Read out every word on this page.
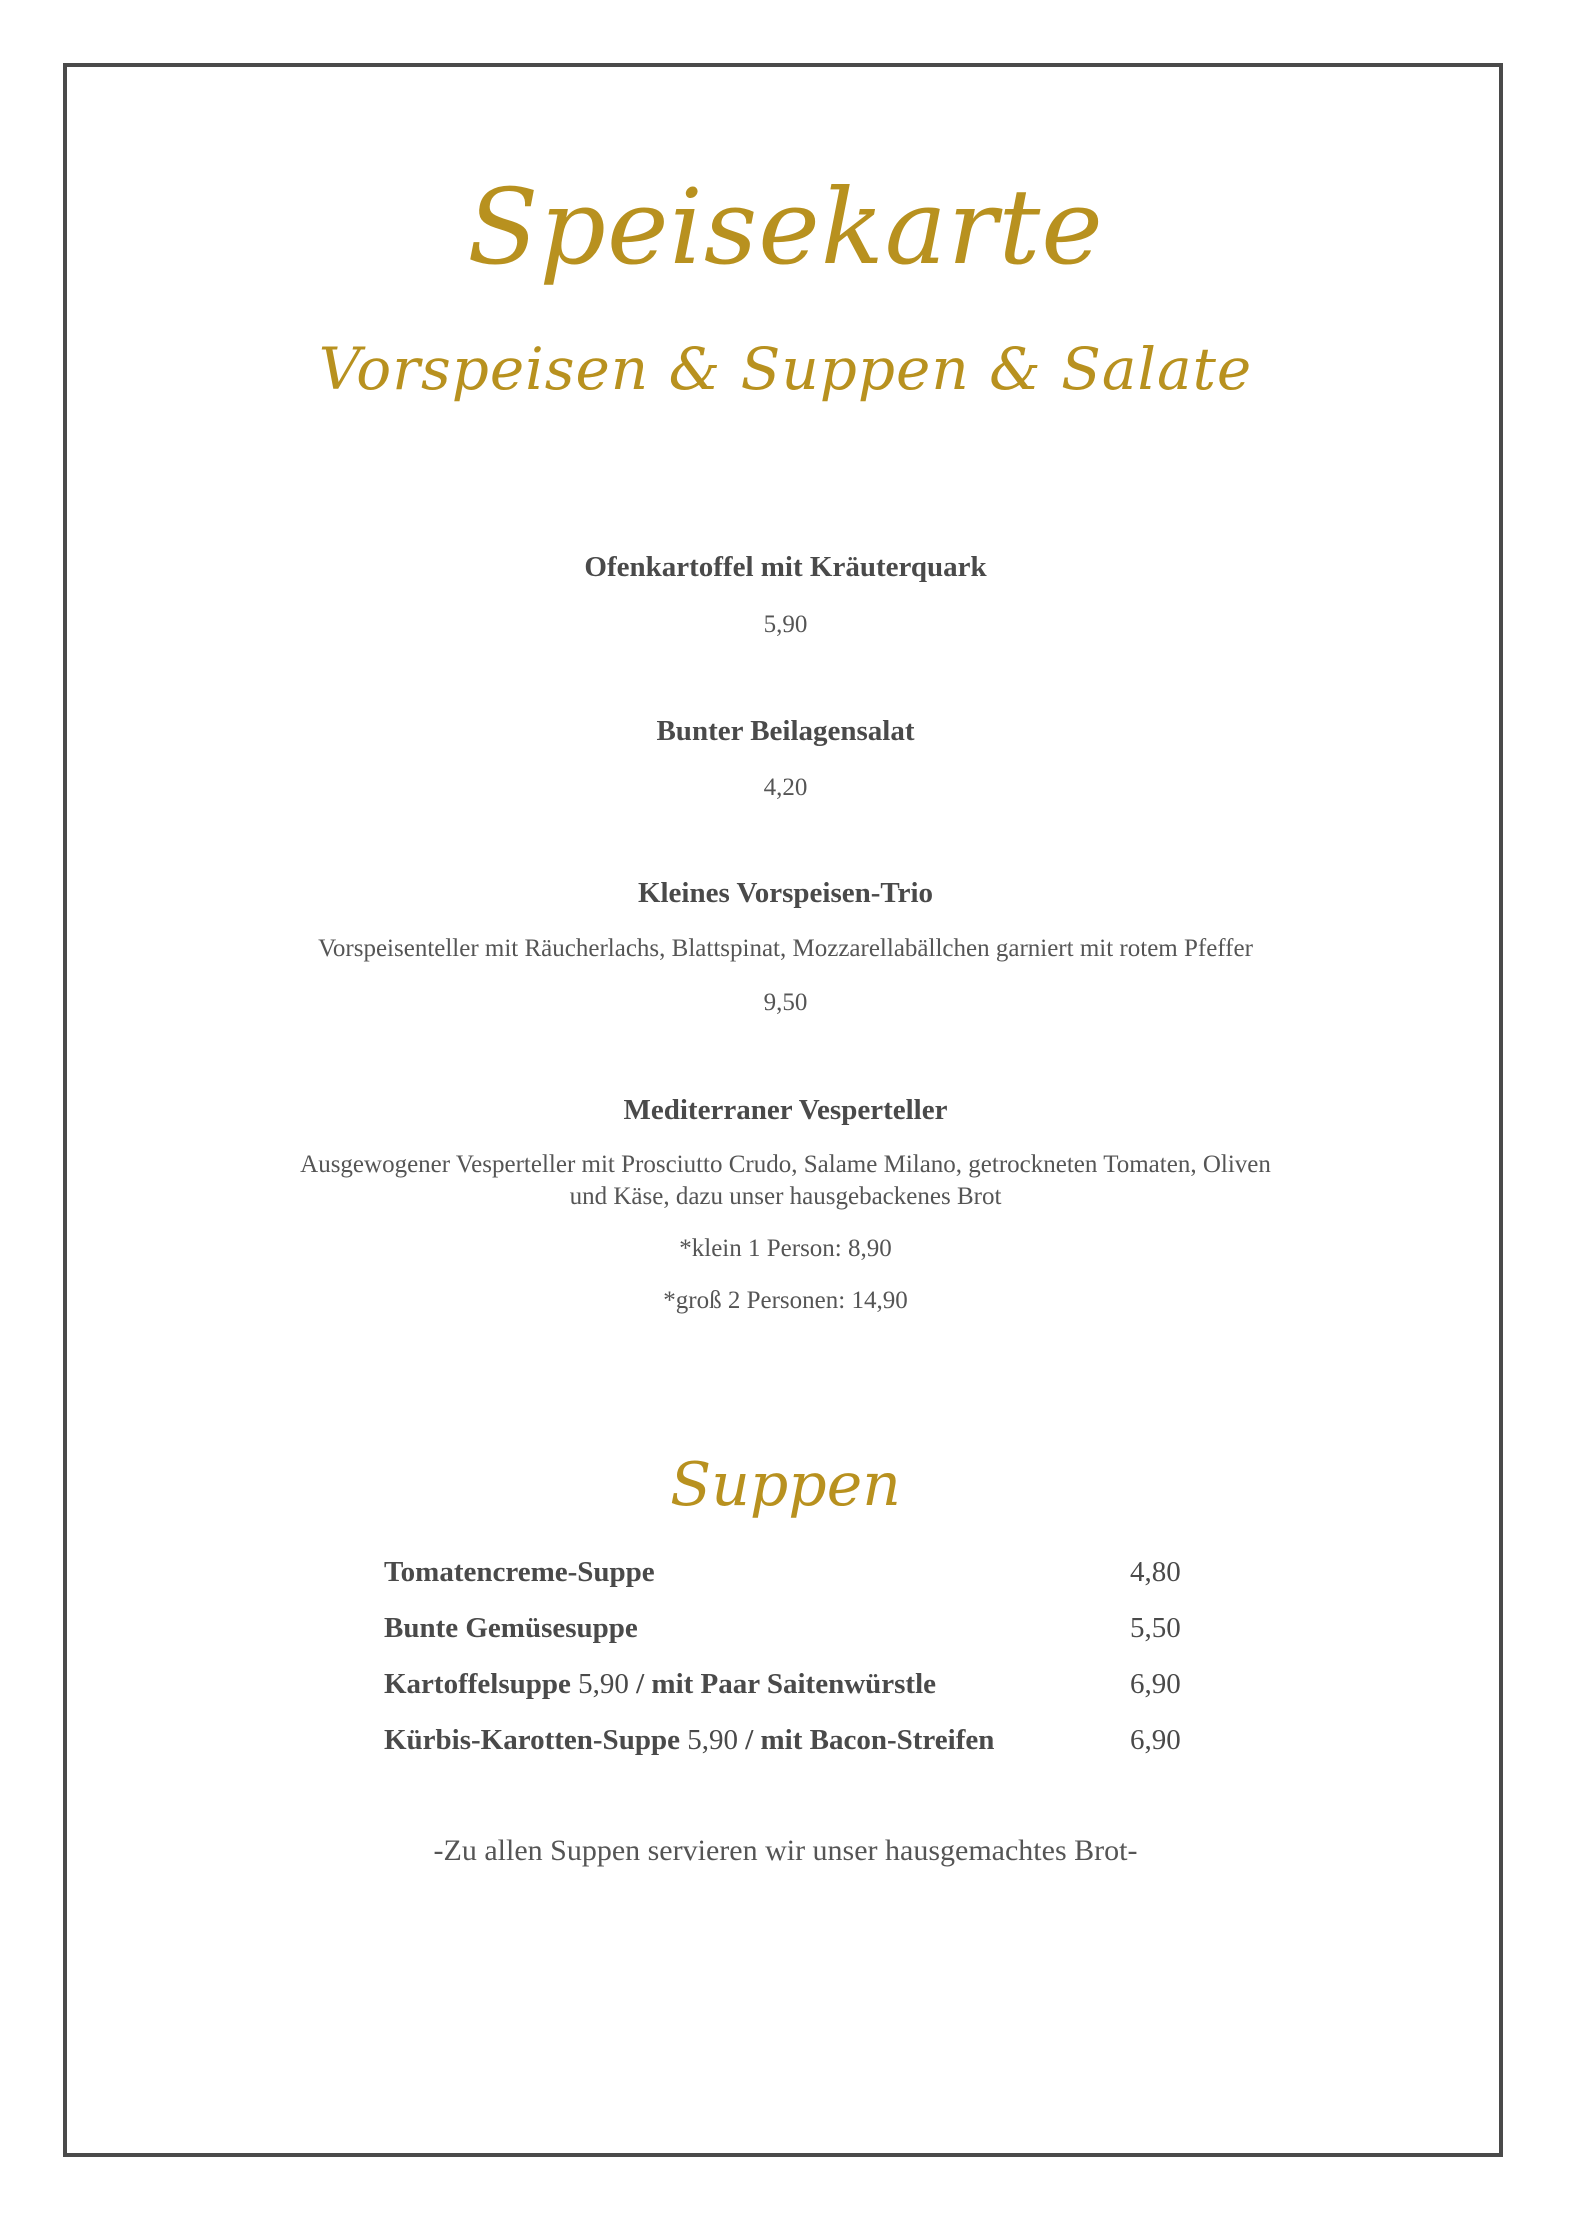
Speisekarte
Vorspeisen & Suppen & Salate
Ofenkartoffel mit Kräuterquark
5,90
Bunter Beilagensalat
4,20
Kleines Vorspeisen-Trio
Vorspeisenteller mit Räucherlachs, Blattspinat, Mozzarellabällchen garniert mit rotem Pfeffer
9,50
Mediterraner Vesperteller
Ausgewogener Vesperteller mit Prosciutto Crudo, Salame Milano, getrockneten Tomaten, Oliven
und Käse, dazu unser hausgebackenes Brot
*klein 1 Person: 8,90
*groß 2 Personen: 14,90
Suppen
Tomatencreme-Suppe	4,80
Bunte Gemüsesuppe	5,50
Kartoffelsuppe 5,90 / mit Paar Saitenwürstle	6,90
Kürbis-Karotten-Suppe 5,90 / mit Bacon-Streifen	6,90
-Zu allen Suppen servieren wir unser hausgemachtes Brot-
